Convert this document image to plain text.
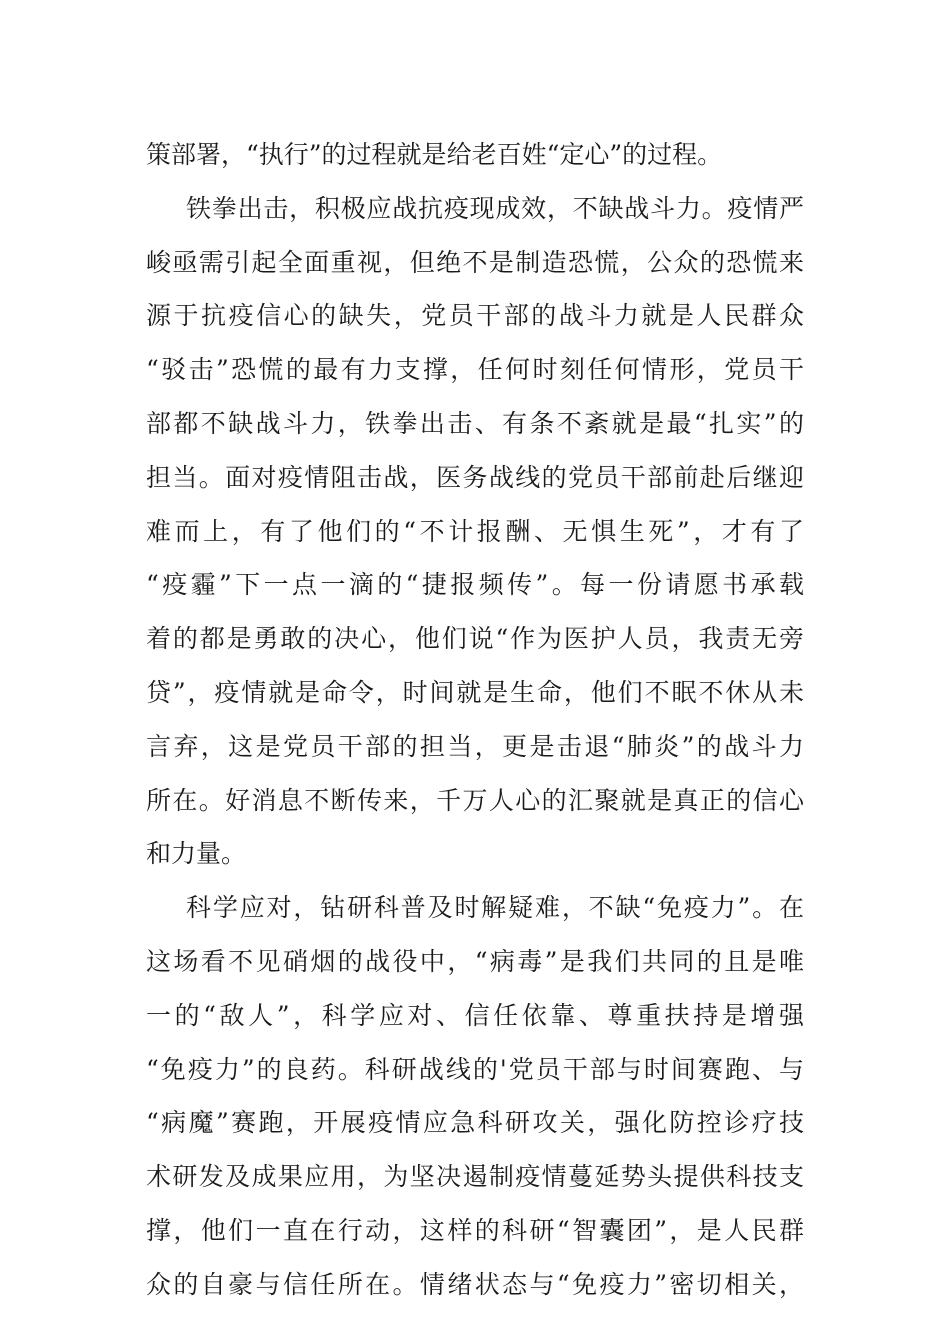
策部署，“执行”的过程就是给老百姓“定心”的过程。
铁拳出击，积极应战抗疫现成效，不缺战斗力。疫情严
峻亟需引起全面重视，但绝不是制造恐慌，公众的恐慌来
源于抗疫信心的缺失，党员干部的战斗力就是人民群众
“驳击”恐慌的最有力支撑，任何时刻任何情形，党员干
部都不缺战斗力，铁拳出击、有条不紊就是最“扎实”的
担当。面对疫情阻击战，医务战线的党员干部前赴后继迎
难而上，有了他们的“不计报酬、无惧生死”，才有了
“疫霾”下一点一滴的“捷报频传”。每一份请愿书承载
着的都是勇敢的决心，他们说“作为医护人员，我责无旁
贷”，疫情就是命令，时间就是生命，他们不眠不休从未
言弃，这是党员干部的担当，更是击退“肺炎”的战斗力
所在。好消息不断传来，千万人心的汇聚就是真正的信心
和力量。
科学应对，钻研科普及时解疑难，不缺“免疫力”。在
这场看不见硝烟的战役中，“病毒”是我们共同的且是唯
一的“敌人”，科学应对、信任依靠、尊重扶持是增强
“免疫力”的良药。科研战线的'党员干部与时间赛跑、与
“病魔”赛跑，开展疫情应急科研攻关，强化防控诊疗技
术研发及成果应用，为坚决遏制疫情蔓延势头提供科技支
撑，他们一直在行动，这样的科研“智囊团”，是人民群
众的自豪与信任所在。情绪状态与“免疫力”密切相关，
